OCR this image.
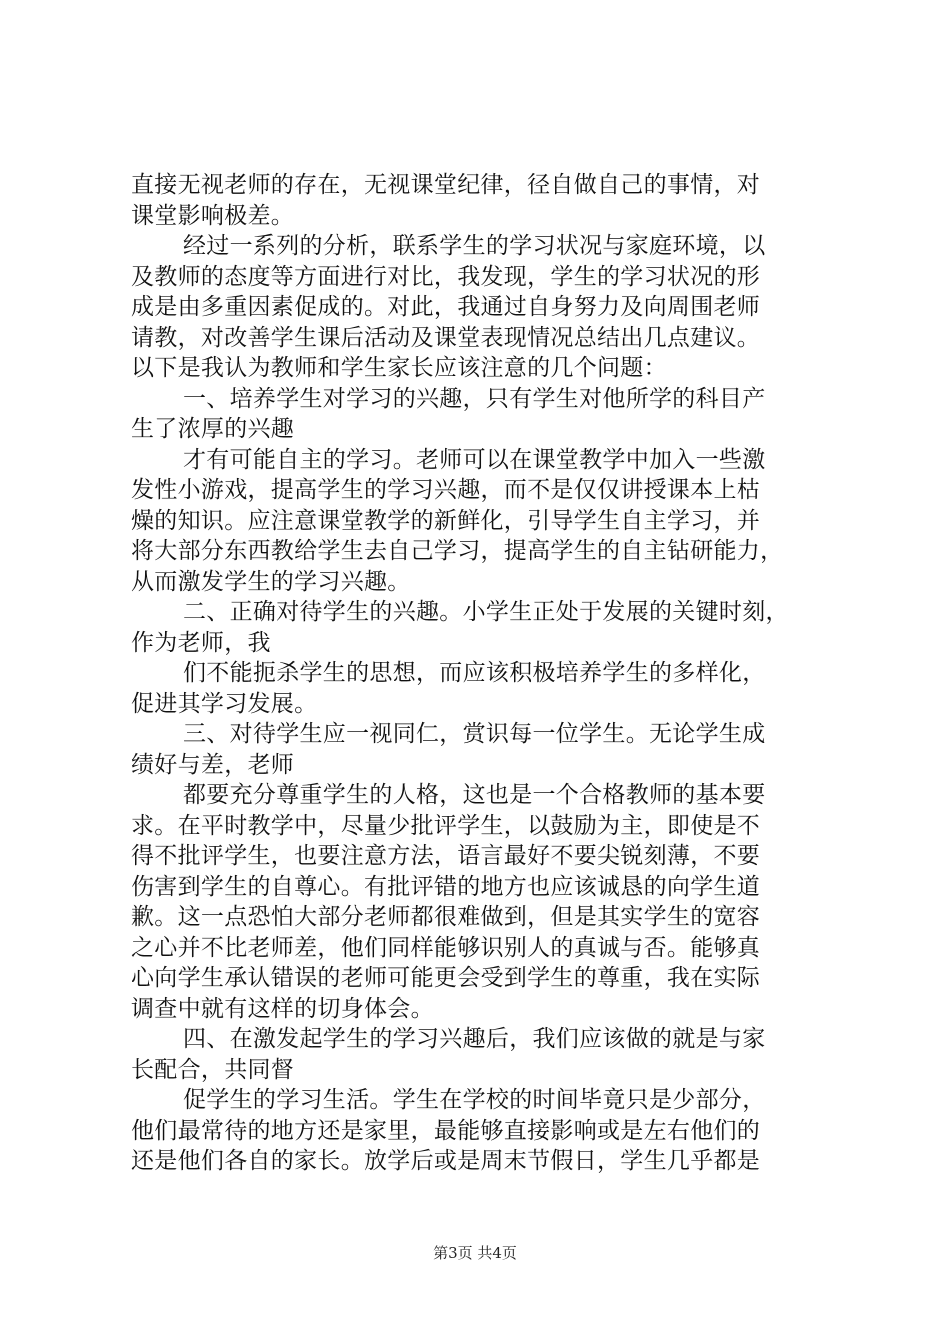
直接无视老师的存在，无视课堂纪律，径自做自己的事情，对
课堂影响极差。
经过一系列的分析，联系学生的学习状况与家庭环境，以
及教师的态度等方面进行对比，我发现，学生的学习状况的形
成是由多重因素促成的。对此，我通过自身努力及向周围老师
请教，对改善学生课后活动及课堂表现情况总结出几点建议。
以下是我认为教师和学生家长应该注意的几个问题：
一、培养学生对学习的兴趣，只有学生对他所学的科目产
生了浓厚的兴趣
才有可能自主的学习。老师可以在课堂教学中加入一些激
发性小游戏，提高学生的学习兴趣，而不是仅仅讲授课本上枯
燥的知识。应注意课堂教学的新鲜化，引导学生自主学习，并
将大部分东西教给学生去自己学习，提高学生的自主钻研能力，
从而激发学生的学习兴趣。
二、正确对待学生的兴趣。小学生正处于发展的关键时刻，
作为老师，我
们不能扼杀学生的思想，而应该积极培养学生的多样化，
促进其学习发展。
三、对待学生应一视同仁，赏识每一位学生。无论学生成
绩好与差，老师
都要充分尊重学生的人格，这也是一个合格教师的基本要
求。在平时教学中，尽量少批评学生，以鼓励为主，即使是不
得不批评学生，也要注意方法，语言最好不要尖锐刻薄，不要
伤害到学生的自尊心。有批评错的地方也应该诚恳的向学生道
歉。这一点恐怕大部分老师都很难做到，但是其实学生的宽容
之心并不比老师差，他们同样能够识别人的真诚与否。能够真
心向学生承认错误的老师可能更会受到学生的尊重，我在实际
调查中就有这样的切身体会。
四、在激发起学生的学习兴趣后，我们应该做的就是与家
长配合，共同督
促学生的学习生活。学生在学校的时间毕竟只是少部分，
他们最常待的地方还是家里，最能够直接影响或是左右他们的
还是他们各自的家长。放学后或是周末节假日，学生几乎都是
第3页 共4页
